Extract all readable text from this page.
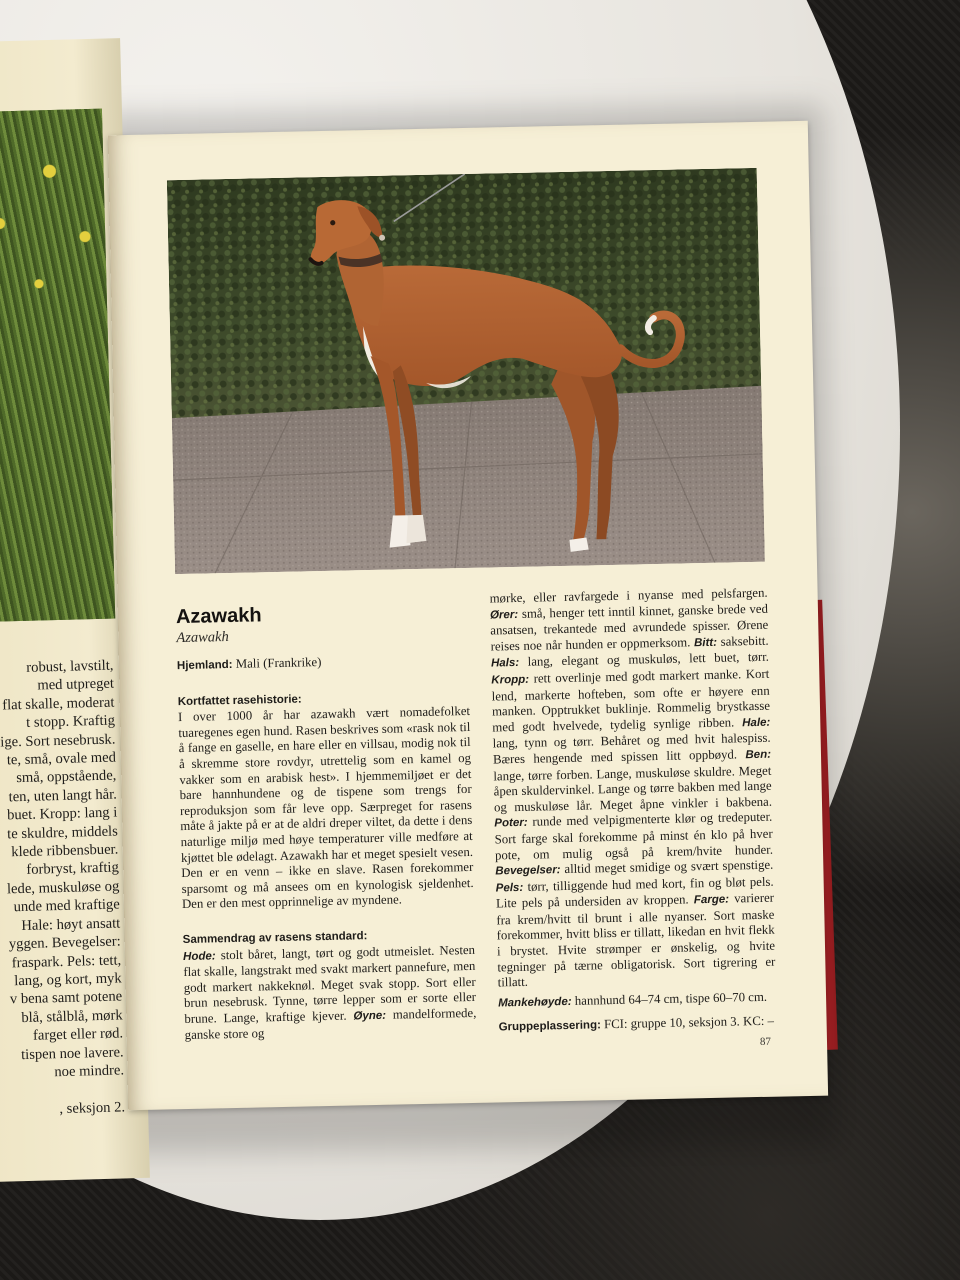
robust, lavstilt,
med utpreget
flat skalle, moderat
t stopp. Kraftig
ige. Sort nesebrusk.
te, små, ovale med
små, oppstående,
ten, uten langt hår.
buet. Kropp: lang i
te skuldre, middels
klede ribbensbuer.
forbryst, kraftig
lede, muskuløse og
unde med kraftige
Hale: høyt ansatt
yggen. Bevegelser:
fraspark. Pels: tett,
lang, og kort, myk
v bena samt potene
blå, stålblå, mørk
farget eller rød.
tispen noe lavere.
noe mindre.

, seksjon 2.
Azawakh
Azawakh

Hjemland: Mali (Frankrike)

Kortfattet rasehistorie:

I over 1000 år har azawakh vært nomadefolket tuaregenes egen hund. Rasen beskrives som «rask nok til å fange en gaselle, en hare eller en villsau, modig nok til å skremme store rovdyr, utrettelig som en kamel og vakker som en arabisk hest». I hjemmemiljøet er det bare hannhundene og de tispene som trengs for reproduksjon som får leve opp. Særpreget for rasens måte å jakte på er at de aldri dreper viltet, da dette i dens naturlige miljø med høye temperaturer ville medføre at kjøttet ble ødelagt. Azawakh har et meget spesielt vesen. Den er en venn – ikke en slave. Rasen forekommer sparsomt og må ansees om en kynologisk sjeldenhet. Den er den mest opprinnelige av myndene.

Sammendrag av rasens standard:

Hode: stolt båret, langt, tørt og godt utmeislet. Nesten flat skalle, langstrakt med svakt markert pannefure, men godt markert nakkeknøl. Meget svak stopp. Sort eller brun nesebrusk. Tynne, tørre lepper som er sorte eller brune. Lange, kraftige kjever. Øyne: mandelformede, ganske store og

mørke, eller ravfargede i nyanse med pelsfargen. Ører: små, henger tett inntil kinnet, ganske brede ved ansatsen, trekantede med avrundede spisser. Ørene reises noe når hunden er oppmerksom. Bitt: saksebitt. Hals: lang, elegant og muskuløs, lett buet, tørr. Kropp: rett overlinje med godt markert manke. Kort lend, markerte hofteben, som ofte er høyere enn manken. Opptrukket buklinje. Rommelig brystkasse med godt hvelvede, tydelig synlige ribben. Hale: lang, tynn og tørr. Behåret og med hvit halespiss. Bæres hengende med spissen litt oppbøyd. Ben: lange, tørre forben. Lange, muskuløse skuldre. Meget åpen skuldervinkel. Lange og tørre bakben med lange og muskuløse lår. Meget åpne vinkler i bakbena. Poter: runde med velpigmenterte klør og tredeputer. Sort farge skal forekomme på minst én klo på hver pote, om mulig også på krem/hvite hunder. Bevegelser: alltid meget smidige og svært spenstige. Pels: tørr, tilliggende hud med kort, fin og bløt pels. Lite pels på undersiden av kroppen. Farge: varierer fra krem/hvitt til brunt i alle nyanser. Sort maske forekommer, hvitt bliss er tillatt, likedan en hvit flekk i brystet. Hvite strømper er ønskelig, og hvite tegninger på tærne obligatorisk. Sort tigrering er tillatt.

Mankehøyde: hannhund 64–74 cm, tispe 60–70 cm.

Gruppeplassering: FCI: gruppe 10, seksjon 3. KC: –

87
